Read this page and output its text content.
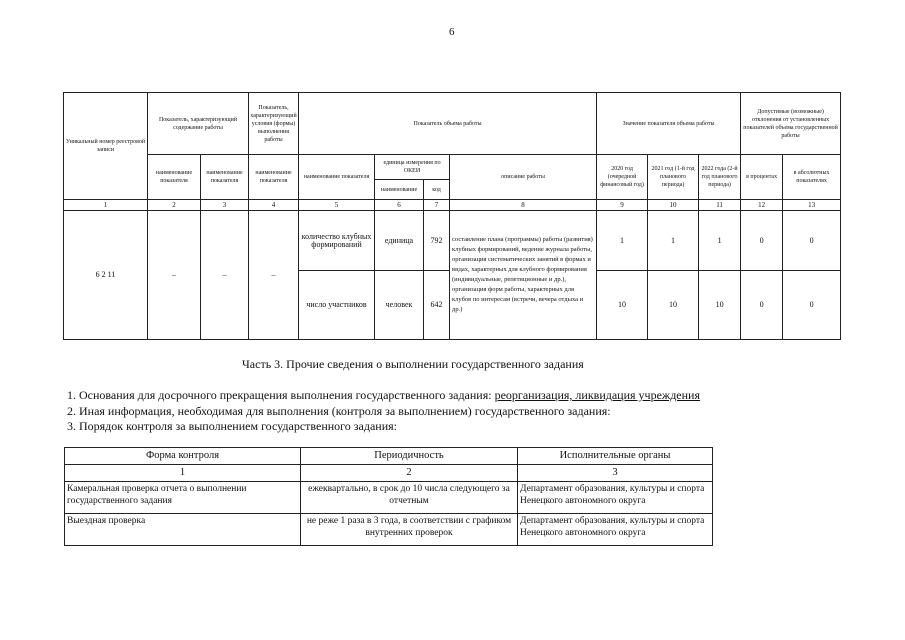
6
Уникальный номер реестровой записи	Показатель, характеризующий содержание работы		Показатель, характеризующий условия (формы) выполнения работы	Показатель объема работы				Значение показателя объема работы			Допустимые (возможные) отклонения от установленных показателей объема государственной работы	
	наименование показателя	наименование показателя	наименование показателя	наименование показателя	единица измерения по ОКЕИ		описание работы	2020 год (очередной финансовый год)	2021 год (1-й год планового периода)	2022 года (2-й год планового периода)	в процентах	в абсолютных показателях
					наименование	код						
1	2	3	4	5	6	7	8	9	10	11	12	13
6 2 11	–	–	–	количество клубных формирований	единица	792	составление плана (программы) работы (развития) клубных формирований, ведение журнала работы, организация систематических занятий в формах и видах, характерных для клубного формирования (индивидуальные, репетиционные и др.), организация форм работы, характерных для клубов по интересам (встречи, вечера отдыха и др.)	1	1	1	0	0
				число участников	человек	642		10	10	10	0	0
Часть 3. Прочие сведения о выполнении государственного задания
1. Основания для досрочного прекращения выполнения государственного задания: реорганизация, ликвидация учреждения
2. Иная информация, необходимая для выполнения (контроля за выполнением) государственного задания:
3. Порядок контроля за выполнением государственного задания:
Форма контроля	Периодичность	Исполнительные органы
1	2	3
Камеральная проверка отчета о выполнении государственного задания	ежеквартально, в срок до 10 числа следующего за отчетным	Департамент образования, культуры и спорта Ненецкого автономного округа
Выездная проверка	не реже 1 раза в 3 года, в соответствии с графиком внутренних проверок	Департамент образования, культуры и спорта Ненецкого автономного округа
